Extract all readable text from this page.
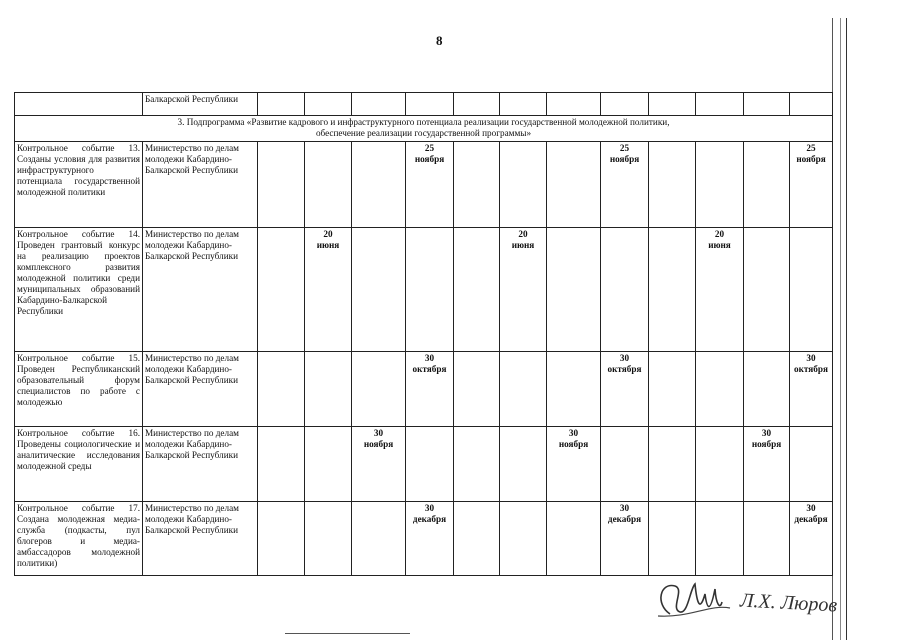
8
	Балкарской Республики												

3. Подпрограмма «Развитие кадрового и инфраструктурного потенциала реализации государственной молодежной политики,
обеспечение реализации государственной программы»													

Контрольное событие 13. Созданы условия для развития инфраструктурного потенциала государственной молодежной политики	Министерство по делам молодежи Кабардино-Балкарской Республики				25
ноября				25
ноября				25
ноября

Контрольное событие 14. Проведен грантовый конкурс на реализацию проектов комплексного развития молодежной политики среди муниципальных образований Кабардино-Балкарской Республики	Министерство по делам молодежи Кабардино-Балкарской Республики		20
июня				20
июня				20
июня		

Контрольное событие 15. Проведен Республиканский образовательный форум специалистов по работе с молодежью	Министерство по делам молодежи Кабардино-Балкарской Республики				30
октября				30
октября				30
октября

Контрольное событие 16. Проведены социологические и аналитические исследования молодежной среды	Министерство по делам молодежи Кабардино-Балкарской Республики			30
ноября				30
ноября				30
ноября	

Контрольное событие 17. Создана молодежная медиа-служба (подкасты, пул блогеров и медиа-амбассадоров молодежной политики)	Министерство по делам молодежи Кабардино-Балкарской Республики				30
декабря				30
декабря				30
декабря
Л.Х. Люров
